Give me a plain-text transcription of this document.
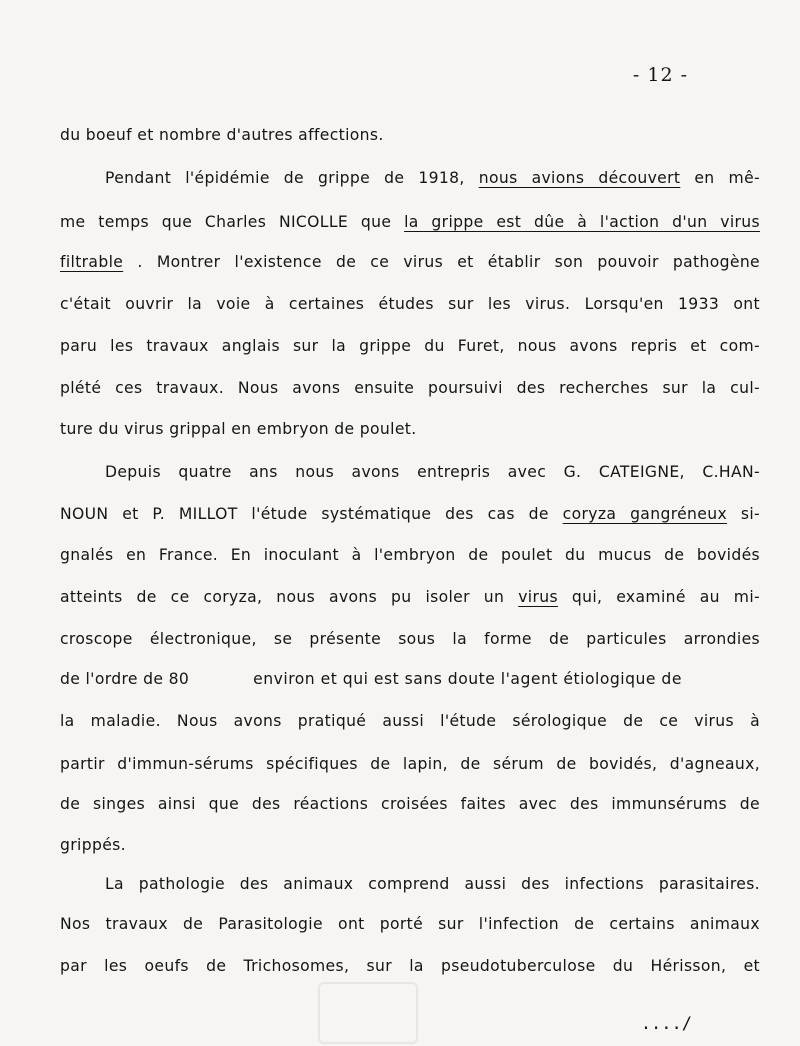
- 12 -
du boeuf et nombre d'autres affections.
Pendant l'épidémie de grippe de 1918, nous avions découvert en mê-
me temps que Charles NICOLLE que la grippe est dûe à l'action d'un virus
filtrable . Montrer l'existence de ce virus et établir son pouvoir pathogène
c'était ouvrir la voie à certaines études sur les virus. Lorsqu'en 1933 ont
paru les travaux anglais sur la grippe du Furet, nous avons repris et com-
plété ces travaux. Nous avons ensuite poursuivi des recherches sur la cul-
ture du virus grippal en embryon de poulet.
Depuis quatre ans nous avons entrepris avec G. CATEIGNE, C.HAN-
NOUN et P. MILLOT l'étude systématique des cas de coryza gangréneux si-
gnalés en France. En inoculant à l'embryon de poulet du mucus de bovidés
atteints de ce coryza, nous avons pu isoler un virus qui, examiné au mi-
croscope électronique, se présente sous la forme de particules arrondies
de l'ordre de 80	environ et qui est sans doute l'agent étiologique de
la maladie. Nous avons pratiqué aussi l'étude sérologique de ce virus à
partir d'immun-sérums spécifiques de lapin, de sérum de bovidés, d'agneaux,
de singes ainsi que des réactions croisées faites avec des immunsérums de
grippés.
La pathologie des animaux comprend aussi des infections parasitaires.
Nos travaux de Parasitologie ont porté sur l'infection de certains animaux
par les oeufs de Trichosomes, sur la pseudotuberculose du Hérisson, et
..../
